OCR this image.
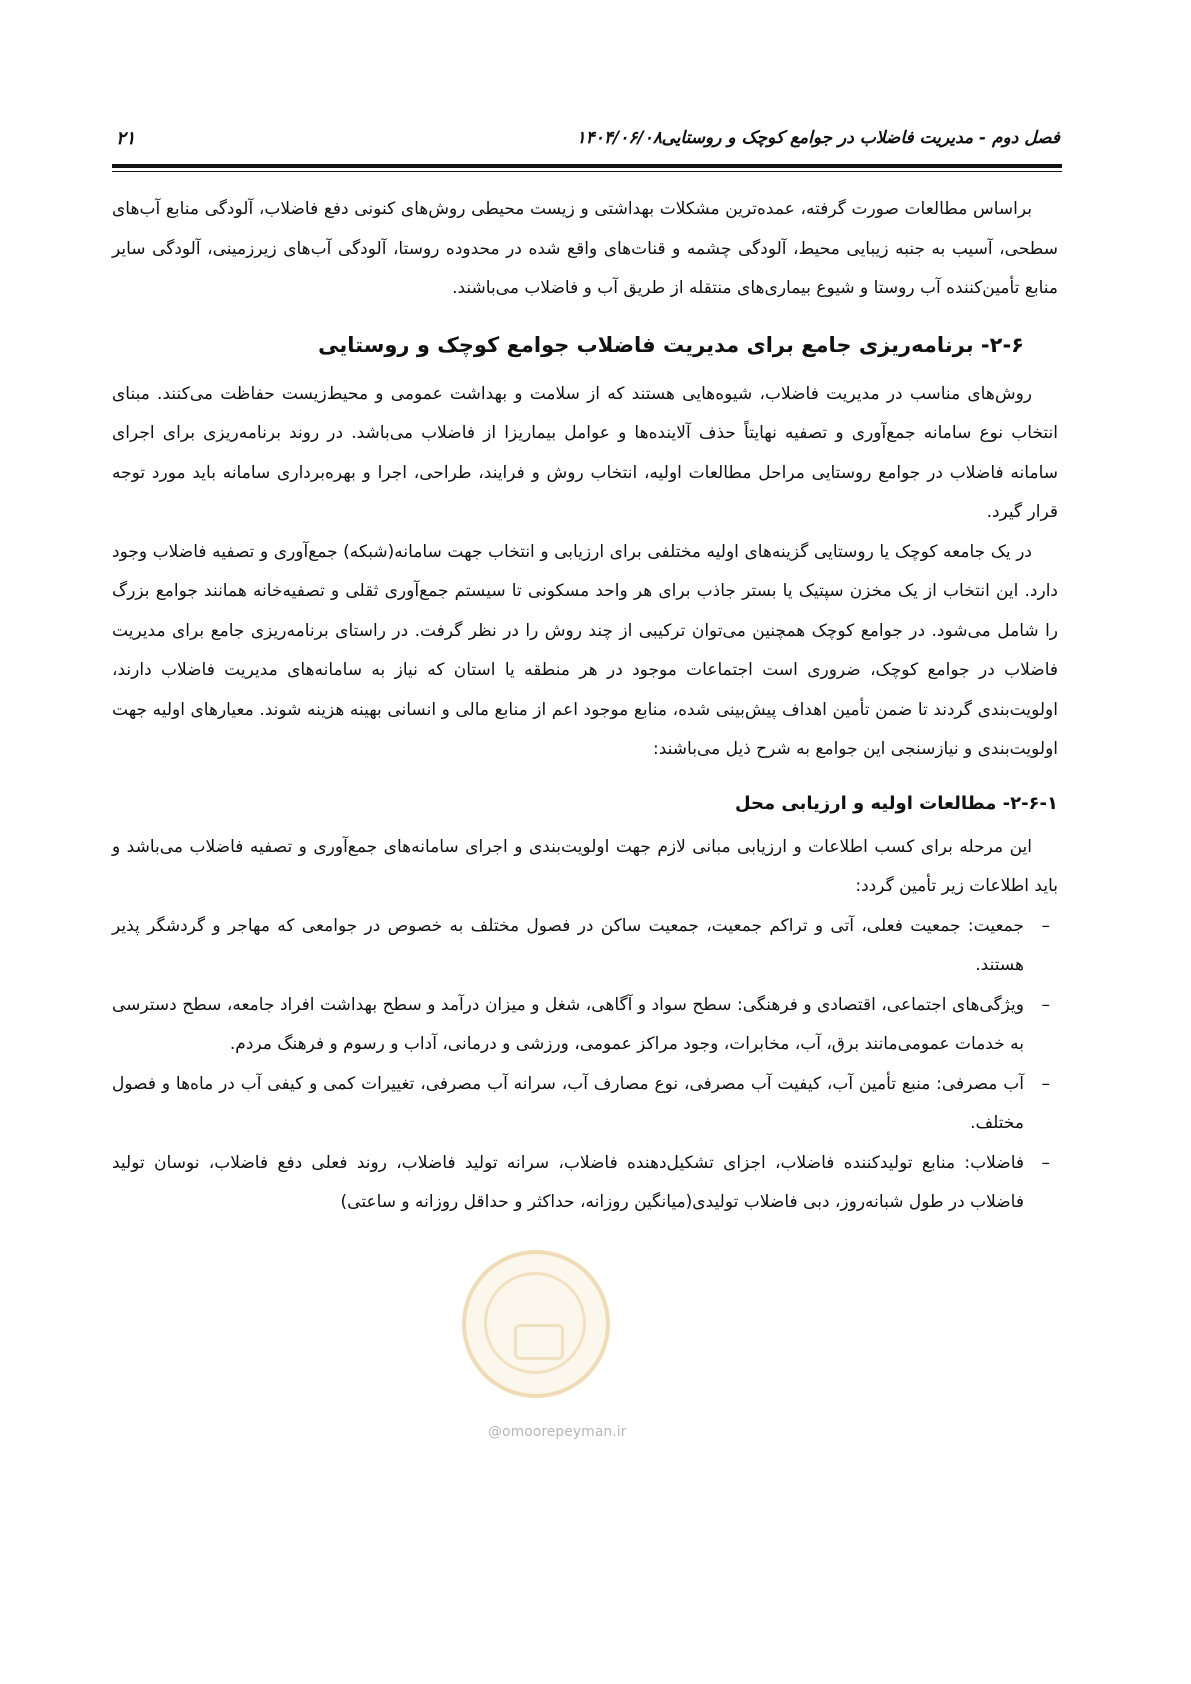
فصل دوم - مدیریت فاضلاب در جوامع کوچک و روستایی
۱۴۰۴/۰۶/۰۸
۲۱

براساس مطالعات صورت گرفته، عمده‌ترین مشکلات بهداشتی و زیست محیطی روش‌های کنونی دفع فاضلاب، آلودگی منابع آب‌های سطحی، آسیب به جنبه زیبایی محیط، آلودگی چشمه و قنات‌های واقع شده در محدوده روستا، آلودگی آب‌های زیرزمینی، آلودگی سایر منابع تأمین‌کننده آب روستا و شیوع بیماری‌های منتقله از طریق آب و فاضلاب می‌باشند.

۲-۶- برنامه‌ریزی جامع برای مدیریت فاضلاب جوامع کوچک و روستایی

روش‌های مناسب در مدیریت فاضلاب، شیوه‌هایی هستند که از سلامت و بهداشت عمومی و محیط‌زیست حفاظت می‌کنند. مبنای انتخاب نوع سامانه جمع‌آوری و تصفیه نهایتاً حذف آلاینده‌ها و عوامل بیماریزا از فاضلاب می‌باشد. در روند برنامه‌ریزی برای اجرای سامانه فاضلاب در جوامع روستایی مراحل مطالعات اولیه، انتخاب روش و فرایند، طراحی، اجرا و بهره‌برداری سامانه باید مورد توجه قرار گیرد.

در یک جامعه کوچک یا روستایی گزینه‌های اولیه مختلفی برای ارزیابی و انتخاب جهت سامانه(شبکه) جمع‌آوری و تصفیه فاضلاب وجود دارد. این انتخاب از یک مخزن سپتیک یا بستر جاذب برای هر واحد مسکونی تا سیستم جمع‌آوری ثقلی و تصفیه‌خانه همانند جوامع بزرگ را شامل می‌شود. در جوامع کوچک همچنین می‌توان ترکیبی از چند روش را در نظر گرفت. در راستای برنامه‌ریزی جامع برای مدیریت فاضلاب در جوامع کوچک، ضروری است اجتماعات موجود در هر منطقه یا استان که نیاز به سامانه‌های مدیریت فاضلاب دارند، اولویت‌بندی گردند تا ضمن تأمین اهداف پیش‌بینی شده، منابع موجود اعم از منابع مالی و انسانی بهینه هزینه شوند. معیارهای اولیه جهت اولویت‌بندی و نیازسنجی این جوامع به شرح ذیل می‌باشند:

۲-۶-۱- مطالعات اولیه و ارزیابی محل

این مرحله برای کسب اطلاعات و ارزیابی مبانی لازم جهت اولویت‌بندی و اجرای سامانه‌های جمع‌آوری و تصفیه فاضلاب می‌باشد و باید اطلاعات زیر تأمین گردد:

–
جمعیت: جمعیت فعلی، آتی و تراکم جمعیت، جمعیت ساکن در فصول مختلف به خصوص در جوامعی که مهاجر و گردشگر پذیر هستند.
–
ویژگی‌های اجتماعی، اقتصادی و فرهنگی: سطح سواد و آگاهی، شغل و میزان درآمد و سطح بهداشت افراد جامعه، سطح دسترسی به خدمات عمومی‌مانند برق، آب، مخابرات، وجود مراکز عمومی، ورزشی و درمانی، آداب و رسوم و فرهنگ مردم.
–
آب مصرفی: منبع تأمین آب، کیفیت آب مصرفی، نوع مصارف آب، سرانه آب مصرفی، تغییرات کمی و کیفی آب در ماه‌ها و فصول مختلف.
–
فاضلاب: منابع تولیدکننده فاضلاب، اجزای تشکیل‌دهنده فاضلاب، سرانه تولید فاضلاب، روند فعلی دفع فاضلاب، نوسان تولید فاضلاب در طول شبانه‌روز، دبی فاضلاب تولیدی(میانگین روزانه، حداکثر و حداقل روزانه و ساعتی)
@omoorepeyman.ir
